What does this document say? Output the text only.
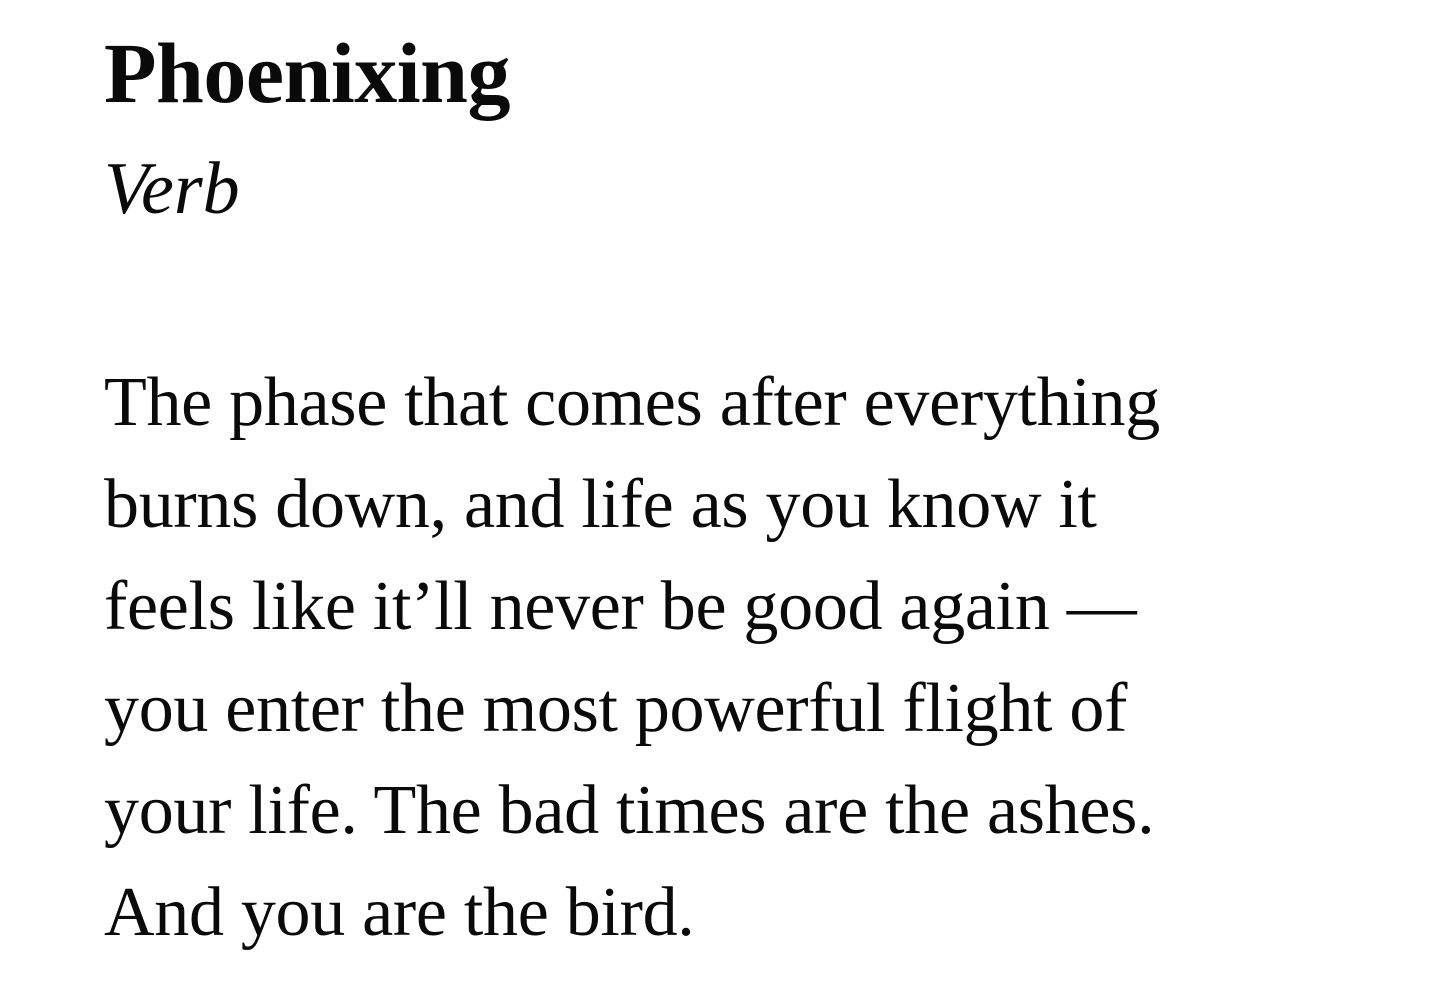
Phoenixing
Verb
The phase that comes after everything
burns down, and life as you know it
feels like it’ll never be good again —
you enter the most powerful flight of
your life. The bad times are the ashes.
And you are the bird.
